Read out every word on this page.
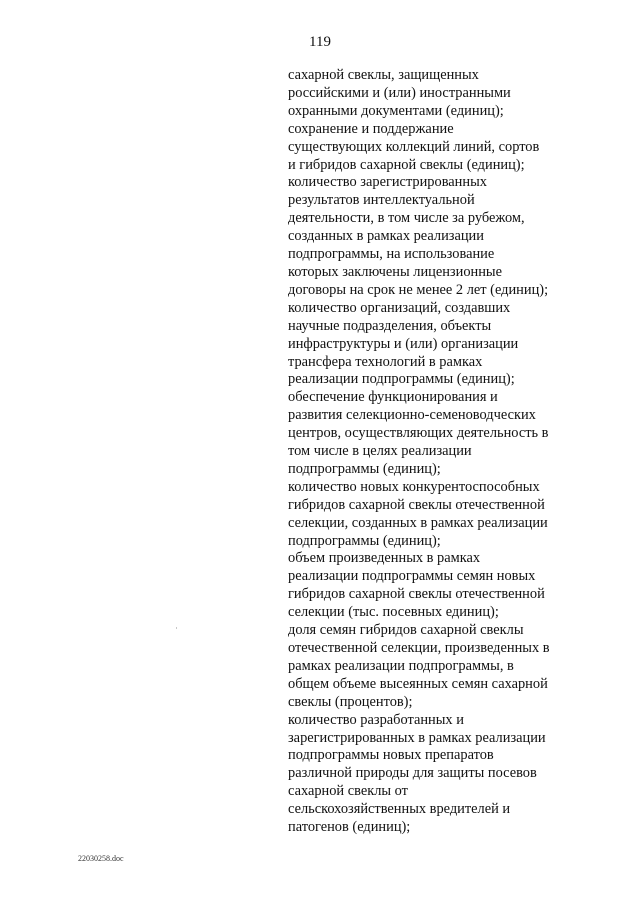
119
сахарной свеклы, защищенных
российскими и (или) иностранными
охранными документами (единиц);
сохранение и поддержание
существующих коллекций линий, сортов
и гибридов сахарной свеклы (единиц);
количество зарегистрированных
результатов интеллектуальной
деятельности, в том числе за рубежом,
созданных в рамках реализации
подпрограммы, на использование
которых заключены лицензионные
договоры на срок не менее 2 лет (единиц);
количество организаций, создавших
научные подразделения, объекты
инфраструктуры и (или) организации
трансфера технологий в рамках
реализации подпрограммы (единиц);
обеспечение функционирования и
развития селекционно-семеноводческих
центров, осуществляющих деятельность в
том числе в целях реализации
подпрограммы (единиц);
количество новых конкурентоспособных
гибридов сахарной свеклы отечественной
селекции, созданных в рамках реализации
подпрограммы (единиц);
объем произведенных в рамках
реализации подпрограммы семян новых
гибридов сахарной свеклы отечественной
селекции (тыс. посевных единиц);
доля семян гибридов сахарной свеклы
отечественной селекции, произведенных в
рамках реализации подпрограммы, в
общем объеме высеянных семян сахарной
свеклы (процентов);
количество разработанных и
зарегистрированных в рамках реализации
подпрограммы новых препаратов
различной природы для защиты посевов
сахарной свеклы от
сельскохозяйственных вредителей и
патогенов (единиц);
22030258.doc
